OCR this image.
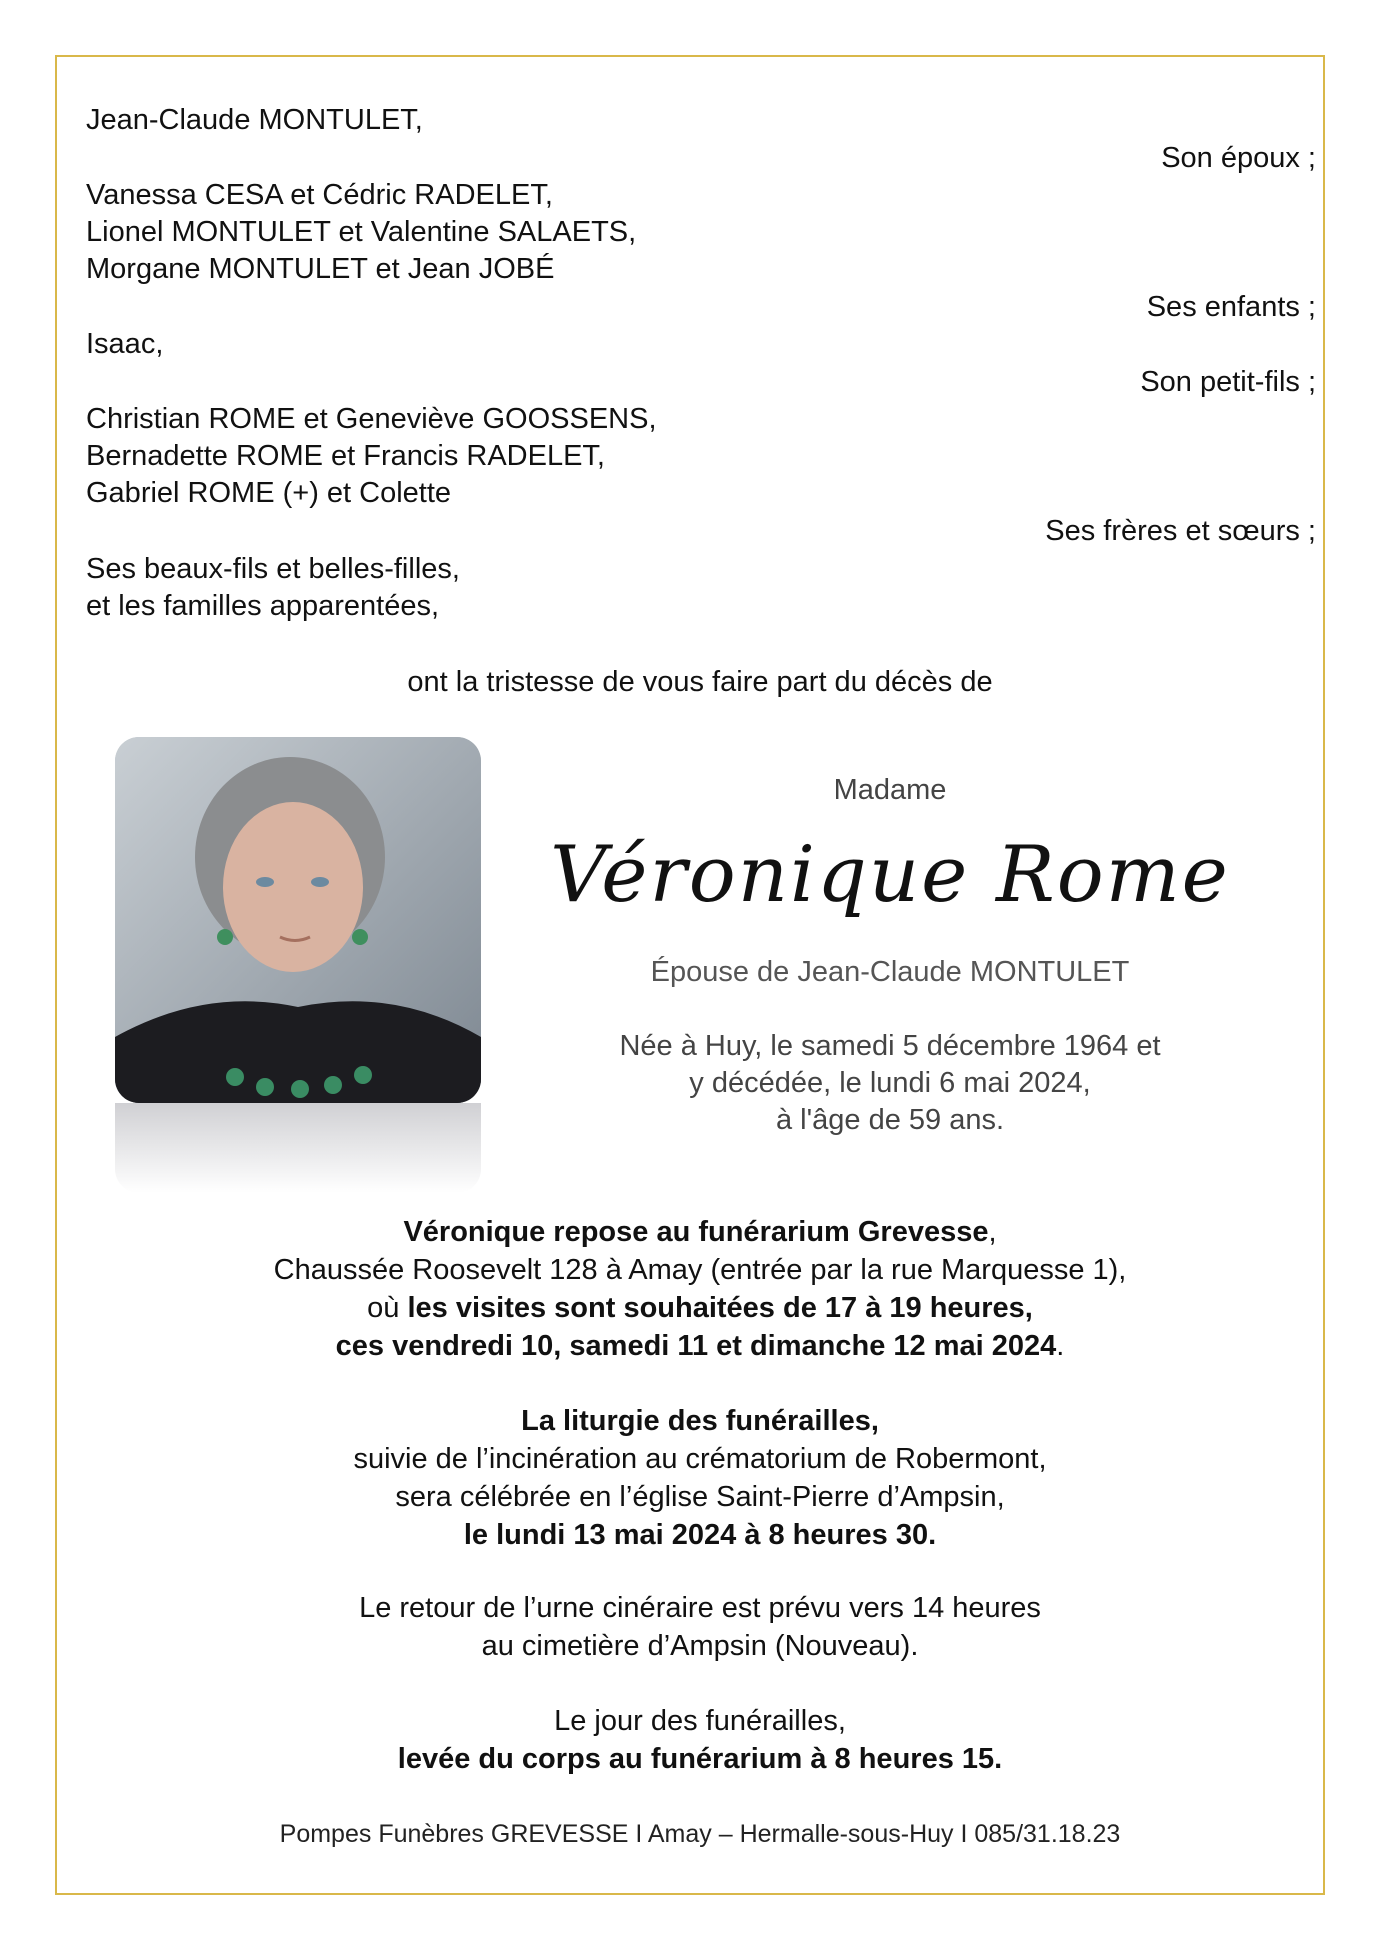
Jean-Claude MONTULET,
Son époux ;
Vanessa CESA et Cédric RADELET,
Lionel MONTULET et Valentine SALAETS,
Morgane MONTULET et Jean JOBÉ
Ses enfants ;
Isaac,
Son petit-fils ;
Christian ROME et Geneviève GOOSSENS,
Bernadette ROME et Francis RADELET,
Gabriel ROME (+) et Colette
Ses frères et sœurs ;
Ses beaux-fils et belles-filles,
et les familles apparentées,
ont la tristesse de vous faire part du décès de
Madame
Véronique Rome
Épouse de Jean-Claude MONTULET
Née à Huy, le samedi 5 décembre 1964 et
y décédée, le lundi 6 mai 2024,
à l'âge de 59 ans.
Véronique repose au funérarium Grevesse,
Chaussée Roosevelt 128 à Amay (entrée par la rue Marquesse 1),
où les visites sont souhaitées de 17 à 19 heures,
ces vendredi 10, samedi 11 et dimanche 12 mai 2024.
La liturgie des funérailles,
suivie de l’incinération au crématorium de Robermont,
sera célébrée en l’église Saint-Pierre d’Ampsin,
le lundi 13 mai 2024 à 8 heures 30.
Le retour de l’urne cinéraire est prévu vers 14 heures
au cimetière d’Ampsin (Nouveau).
Le jour des funérailles,
levée du corps au funérarium à 8 heures 15.
Pompes Funèbres GREVESSE I Amay – Hermalle-sous-Huy I 085/31.18.23
